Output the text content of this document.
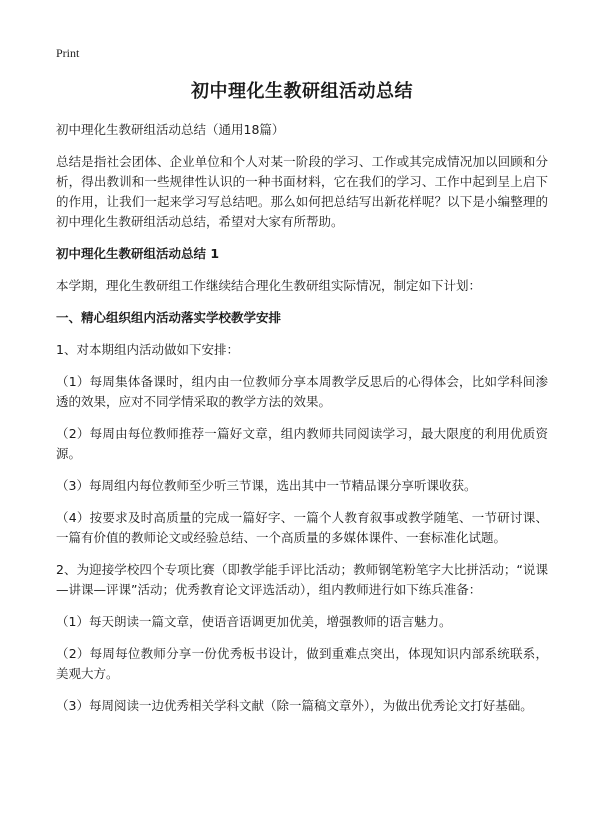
Print
初中理化生教研组活动总结
初中理化生教研组活动总结（通用18篇）
总结是指社会团体、企业单位和个人对某一阶段的学习、工作或其完成情况加以回顾和分析，得出教训和一些规律性认识的一种书面材料，它在我们的学习、工作中起到呈上启下的作用，让我们一起来学习写总结吧。那么如何把总结写出新花样呢？以下是小编整理的初中理化生教研组活动总结，希望对大家有所帮助。
初中理化生教研组活动总结 1
本学期，理化生教研组工作继续结合理化生教研组实际情况，制定如下计划：
一、精心组织组内活动落实学校教学安排
1、对本期组内活动做如下安排：
（1）每周集体备课时，组内由一位教师分享本周教学反思后的心得体会，比如学科间渗透的效果，应对不同学情采取的教学方法的效果。
（2）每周由每位教师推荐一篇好文章，组内教师共同阅读学习，最大限度的利用优质资源。
（3）每周组内每位教师至少听三节课，选出其中一节精品课分享听课收获。
（4）按要求及时高质量的完成一篇好字、一篇个人教育叙事或教学随笔、一节研讨课、一篇有价值的教师论文或经验总结、一个高质量的多媒体课件、一套标准化试题。
2、为迎接学校四个专项比赛（即教学能手评比活动；教师钢笔粉笔字大比拼活动；“说课—讲课—评课”活动；优秀教育论文评选活动），组内教师进行如下练兵准备：
（1）每天朗读一篇文章，使语音语调更加优美，增强教师的语言魅力。
（2）每周每位教师分享一份优秀板书设计，做到重难点突出，体现知识内部系统联系，美观大方。
（3）每周阅读一边优秀相关学科文献（除一篇稿文章外），为做出优秀论文打好基础。
